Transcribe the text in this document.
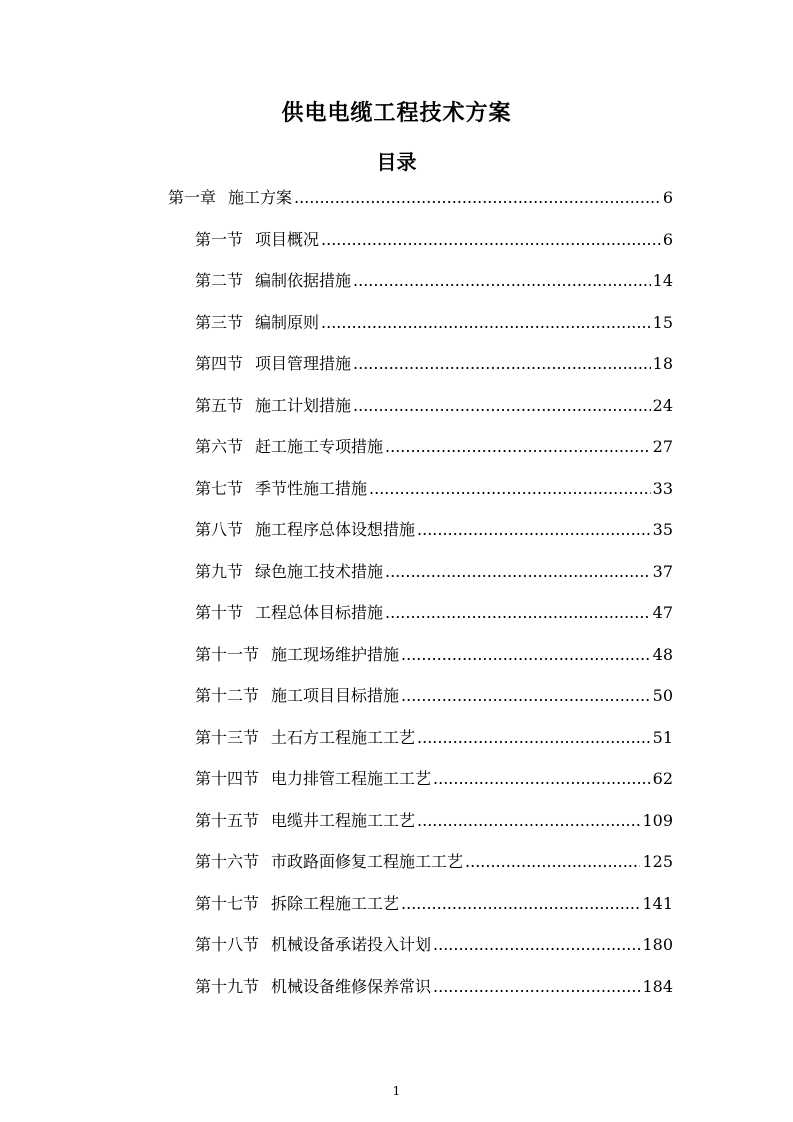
供电电缆工程技术方案
目录
第一章 施工方案 .....	6
第一节 项目概况 .....	6
第二节 编制依据措施 .....	14
第三节 编制原则 .....	15
第四节 项目管理措施 .....	18
第五节 施工计划措施 .....	24
第六节 赶工施工专项措施 .....	27
第七节 季节性施工措施 .....	33
第八节 施工程序总体设想措施 .....	35
第九节 绿色施工技术措施 .....	37
第十节 工程总体目标措施 .....	47
第十一节 施工现场维护措施 .....	48
第十二节 施工项目目标措施 .....	50
第十三节 土石方工程施工工艺 .....	51
第十四节 电力排管工程施工工艺 .....	62
第十五节 电缆井工程施工工艺 .....	109
第十六节 市政路面修复工程施工工艺 .....	125
第十七节 拆除工程施工工艺 .....	141
第十八节 机械设备承诺投入计划 .....	180
第十九节 机械设备维修保养常识 .....	184
1
